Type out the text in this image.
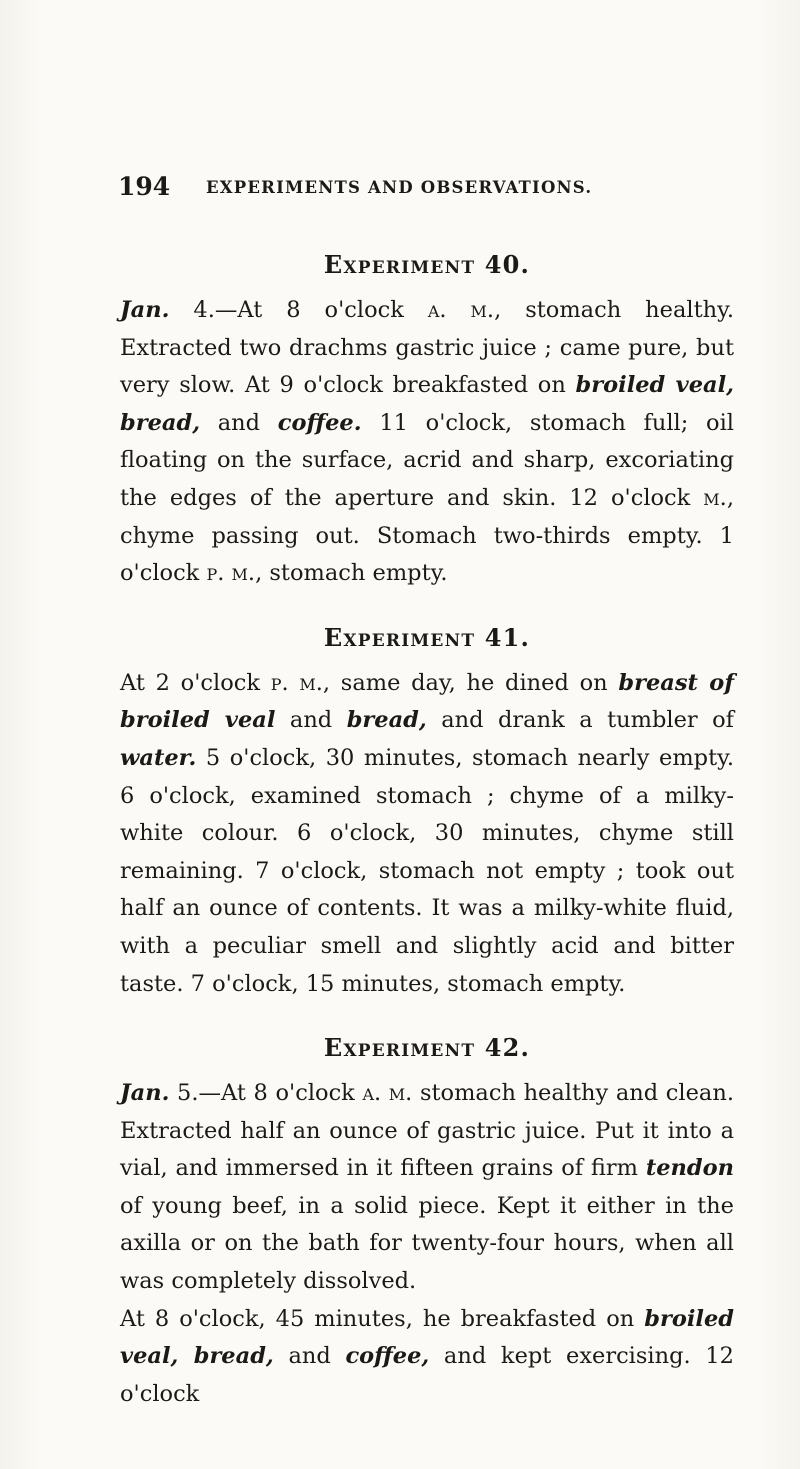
194 EXPERIMENTS AND OBSERVATIONS.
Experiment 40.

Jan. 4.—At 8 o'clock a. m., stomach healthy. Extracted two drachms gastric juice ; came pure, but very slow. At 9 o'clock breakfasted on broiled veal, bread, and coffee. 11 o'clock, stomach full; oil floating on the surface, acrid and sharp, excoriating the edges of the aperture and skin. 12 o'clock m., chyme passing out. Stomach two-thirds empty. 1 o'clock p. m., stomach empty.

Experiment 41.

At 2 o'clock p. m., same day, he dined on breast of broiled veal and bread, and drank a tumbler of water. 5 o'clock, 30 minutes, stomach nearly empty. 6 o'clock, examined stomach ; chyme of a milky-white colour. 6 o'clock, 30 minutes, chyme still remaining. 7 o'clock, stomach not empty ; took out half an ounce of contents. It was a milky-white fluid, with a peculiar smell and slightly acid and bitter taste. 7 o'clock, 15 minutes, stomach empty.

Experiment 42.

Jan. 5.—At 8 o'clock a. m. stomach healthy and clean. Extracted half an ounce of gastric juice. Put it into a vial, and immersed in it fifteen grains of firm tendon of young beef, in a solid piece. Kept it either in the axilla or on the bath for twenty-four hours, when all was completely dissolved.

At 8 o'clock, 45 minutes, he breakfasted on broiled veal, bread, and coffee, and kept exercising. 12 o'clock
